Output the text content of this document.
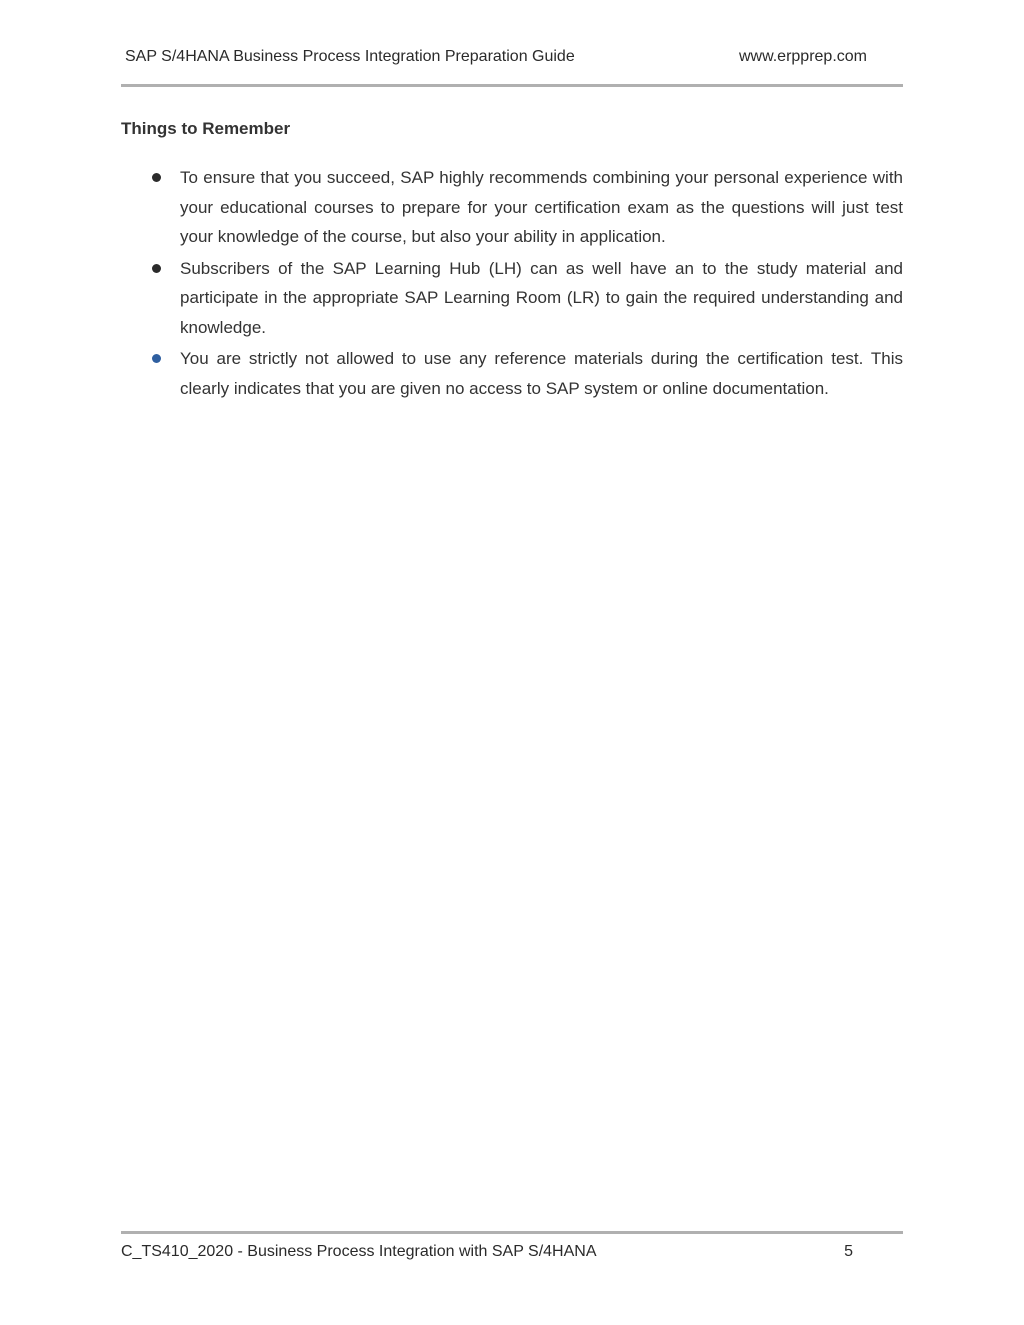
SAP S/4HANA Business Process Integration Preparation Guide	www.erpprep.com
Things to Remember
To ensure that you succeed, SAP highly recommends combining your personal experience with your educational courses to prepare for your certification exam as the questions will just test your knowledge of the course, but also your ability in application.
Subscribers of the SAP Learning Hub (LH) can as well have an to the study material and participate in the appropriate SAP Learning Room (LR) to gain the required understanding and knowledge.
You are strictly not allowed to use any reference materials during the certification test. This clearly indicates that you are given no access to SAP system or online documentation.
C_TS410_2020 - Business Process Integration with SAP S/4HANA	5
